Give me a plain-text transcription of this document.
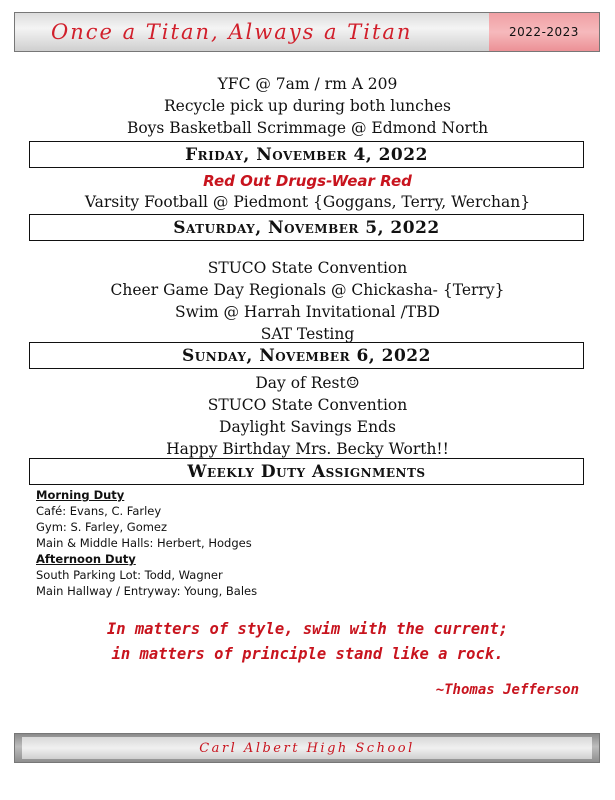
Once a Titan, Always a Titan	2022-2023
YFC @ 7am / rm A 209
Recycle pick up during both lunches
Boys Basketball Scrimmage @ Edmond North
Friday, November 4, 2022
Red Out Drugs-Wear Red
Varsity Football @ Piedmont {Goggans, Terry, Werchan}
Saturday, November 5, 2022
STUCO State Convention
Cheer Game Day Regionals @ Chickasha- {Terry}
Swim @ Harrah Invitational /TBD
SAT Testing
Sunday, November 6, 2022
Day of Rest☺
STUCO State Convention
Daylight Savings Ends
Happy Birthday Mrs. Becky Worth!!
Weekly Duty Assignments
Morning Duty
Café: Evans, C. Farley
Gym: S. Farley, Gomez
Main & Middle Halls: Herbert, Hodges
Afternoon Duty
South Parking Lot: Todd, Wagner
Main Hallway / Entryway: Young, Bales
In matters of style, swim with the current;
in matters of principle stand like a rock.
~Thomas Jefferson
Carl Albert High School
